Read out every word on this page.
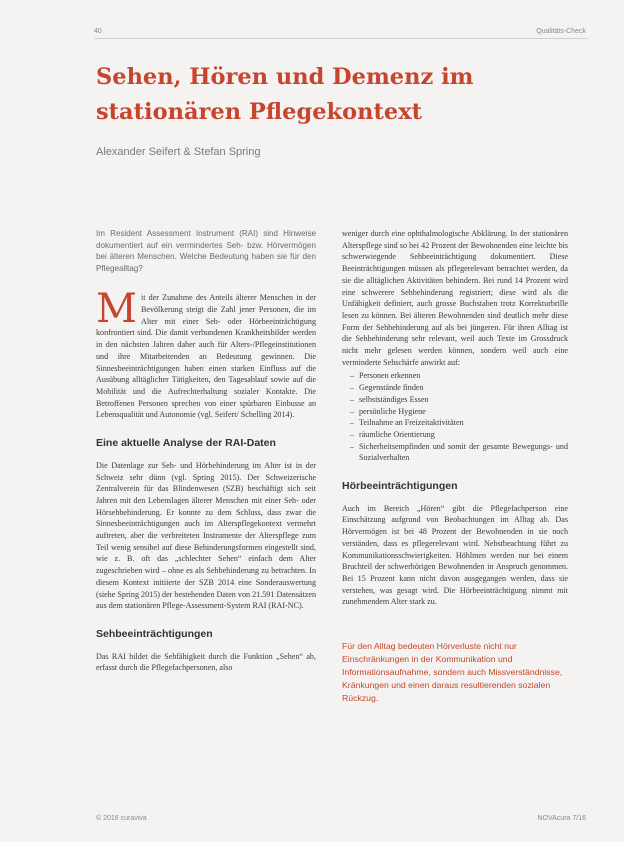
40	Qualitäts-Check
Sehen, Hören und Demenz im stationären Pflegekontext
Alexander Seifert & Stefan Spring

Im Resident Assessment Instrument (RAI) sind Hinweise dokumentiert auf ein vermindertes Seh- bzw. Hörvermögen bei älteren Menschen. Welche Bedeutung haben sie für den Pflegealltag?

Mit der Zunahme des Anteils älterer Menschen in der Bevölkerung steigt die Zahl jener Personen, die im Alter mit einer Seh- oder Hörbeeinträchtigung konfrontiert sind. Die damit verbundenen Krankheitsbilder werden in den nächsten Jahren daher auch für Alters-/Pflegeinstitutionen und ihre Mitarbeitenden an Bedeutung gewinnen. Die Sinnesbeeinträchtigungen haben einen starken Einfluss auf die Ausübung alltäglicher Tätigkeiten, den Tagesablauf sowie auf die Mobilität und die Aufrechterhaltung sozialer Kontakte. Die Betroffenen Personen sprechen von einer spürbaren Einbusse an Lebensqualität und Autonomie (vgl. Seifert/ Schelling 2014).

Eine aktuelle Analyse der RAI-Daten

Die Datenlage zur Seh- und Hörbehinderung im Alter ist in der Schweiz sehr dünn (vgl. Spring 2015). Der Schweizerische Zentralverein für das Blindenwesen (SZB) beschäftigt sich seit Jahren mit den Lebenslagen älterer Menschen mit einer Seh- oder Hörsehbehinderung. Er konnte zu dem Schluss, dass zwar die Sinnesbeeinträchtigungen auch im Alterspflegekontext vermehrt auftreten, aber die verbreiteten Instrumente der Alterspflege zum Teil wenig sensibel auf diese Behinderungsformen eingestellt sind, wie z. B. oft das „schlechter Sehen“ einfach dem Alter zugeschrieben wird – ohne es als Sehbehinderung zu betrachten. In diesem Kontext initiierte der SZB 2014 eine Sonderauswertung (siehe Spring 2015) der bestehenden Daten von 21.591 Datensätzen aus dem stationären Pflege-Assessment-System RAI (RAI-NC).

Sehbeeinträchtigungen

Das RAI bildet die Sehfähigkeit durch die Funktion „Sehen“ ab, erfasst durch die Pflegefachpersonen, also

weniger durch eine ophthalmologische Abklärung. In der stationären Alterspflege sind so bei 42 Prozent der Bewohnenden eine leichte bis schwerwiegende Sehbeeinträchtigung dokumentiert. Diese Beeinträchtigungen müssen als pflegerelevant betrachtet werden, da sie die alltäglichen Aktivitäten behindern. Bei rund 14 Prozent wird eine schwerere Sehbehinderung registriert; diese wird als die Unfähigkeit definiert, auch grosse Buchstaben trotz Korrekturbrille lesen zu können. Bei älteren Bewohnenden sind deutlich mehr diese Form der Sehbehinderung auf als bei jüngeren. Für ihren Alltag ist die Sehbehinderung sehr relevant, weil auch Texte im Grossdruck nicht mehr gelesen werden können, sondern weil auch eine verminderte Sehschärfe anwirkt auf:

– Personen erkennen
– Gegenstände finden
– selbstständiges Essen
– persönliche Hygiene
– Teilnahme an Freizeitaktivitäten
– räumliche Orientierung
– Sicherheitsempfinden und somit der gesamte Bewegungs- und Sozialverhalten
Hörbeeinträchtigungen

Auch im Bereich „Hören“ gibt die Pflegefachperson eine Einschätzung aufgrund von Beobachtungen im Alltag ab. Das Hörvermögen ist bei 48 Prozent der Bewohnenden in sie noch verständen, dass es pflegerelevant wird. Nebstbeachtung führt zu Kommunikationsschwierigkeiten. Höhlmen werden nur bei einem Bruchteil der schwerhörigen Bewohnenden in Anspruch genommen. Bei 15 Prozent kann nicht davon ausgegangen werden, dass sie verstehen, was gesagt wird. Die Hörbeeinträchtigung nimmt mit zunehmendem Alter stark zu.

Für den Alltag bedeuten Hörverluste nicht nur Einschränkungen in der Kommunikation und Informationsaufnahme, sondern auch Missverständnisse, Kränkungen und einen daraus resultierenden sozialen Rückzug.

© 2016 curaviva	NOVAcura 7/16
